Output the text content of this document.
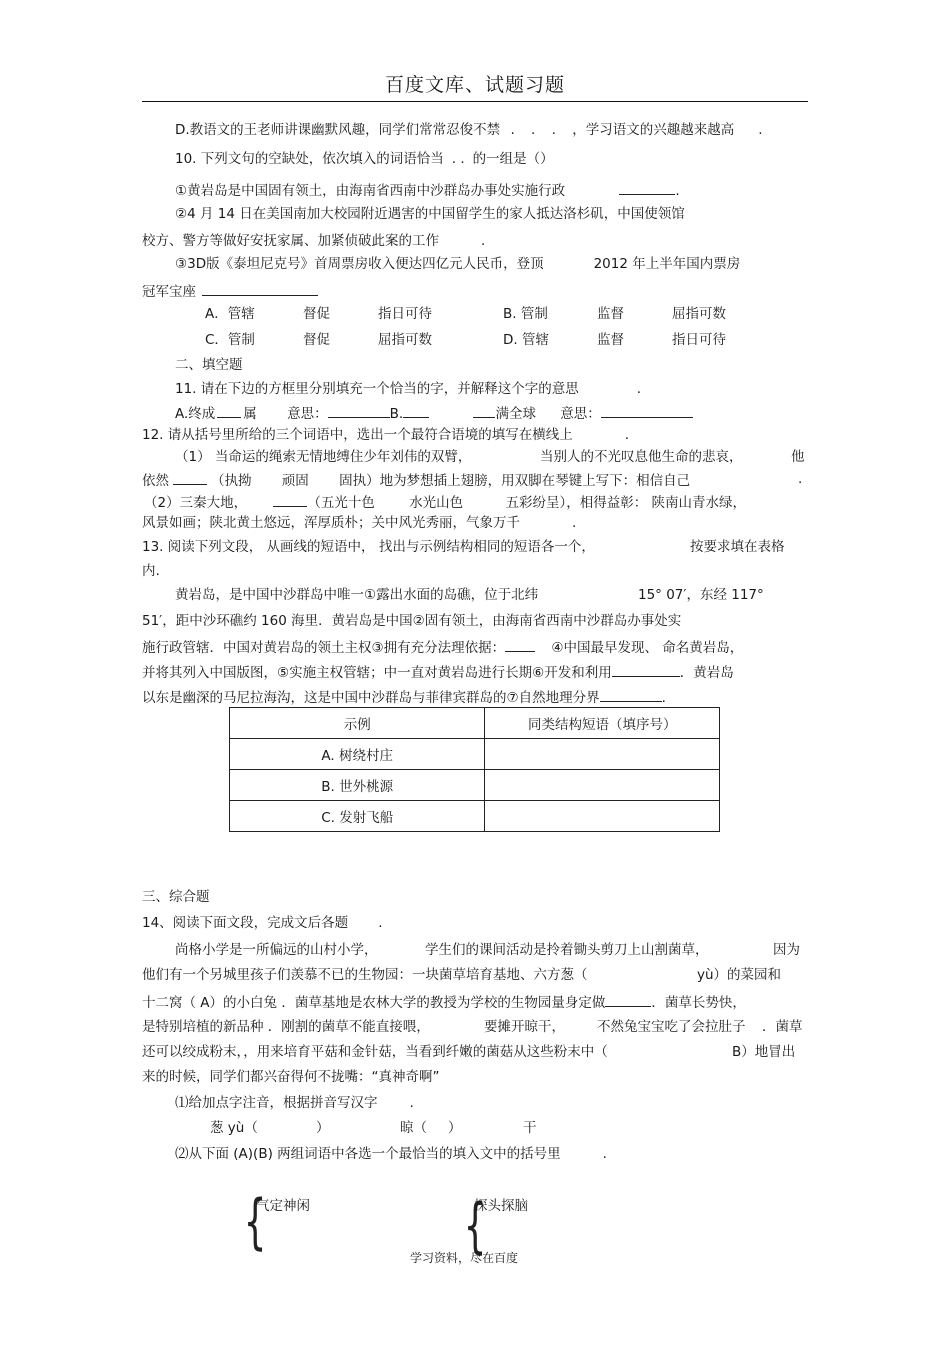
百度文库、试题习题
D.教语文的王老师讲课幽默风趣，同学们常常忍俊不禁 . . . ，学习语文的兴趣越来越高 .
10. 下列文句的空缺处，依次填入的词语恰当 . . 的一组是（）
①黄岩岛是中国固有领土，由海南省西南中沙群岛办事处实施行政	.
②4 月 14 日在美国南加大校园附近遇害的中国留学生的家人抵达洛杉矶，中国使领馆
校方、警方等做好安抚家属、加紧侦破此案的工作	.
③3D版《泰坦尼克号》首周票房收入便达四亿元人民币，登顶	2012 年上半年国内票房
冠军宝座
A．管辖	督促	指日可待	B. 管制	监督	屈指可数
C．管制	督促	屈指可数	D. 管辖	监督	指日可待
二、填空题
11. 请在下边的方框里分别填充一个恰当的字，并解释这个字的意思	.
A.终成 属 意思：	B.	满全球 意思：
12. 请从括号里所给的三个词语中，选出一个最符合语境的填写在横线上	.
（1） 当命运的绳索无情地缚住少年刘伟的双臂，	当别人的不光叹息他生命的悲哀，	他
依然	（执拗 顽固 固执）地为梦想插上翅膀，用双脚在琴键上写下：相信自己	.
（2）三秦大地，	（五光十色	水光山色	五彩纷呈），相得益彰： 陕南山青水绿，
风景如画；陕北黄土悠远，浑厚质朴；关中风光秀丽，气象万千	.
13. 阅读下列文段， 从画线的短语中， 找出与示例结构相同的短语各一个，	按要求填在表格
内.
黄岩岛，是中国中沙群岛中唯一①露出水面的岛礁，位于北纬	15° 07′，东经 117°
51′，距中沙环礁约 160 海里．黄岩岛是中国②固有领土，由海南省西南中沙群岛办事处实
施行政管辖．中国对黄岩岛的领土主权③拥有充分法理依据：	④中国最早发现、 命名黄岩岛，
并将其列入中国版图，⑤实施主权管辖；中一直对黄岩岛进行长期⑥开发和利用	．黄岩岛
以东是幽深的马尼拉海沟，这是中国中沙群岛与菲律宾群岛的⑦自然地理分界	.
示例	同类结构短语（填序号）
A. 树绕村庄	
B. 世外桃源	
C. 发射飞船	
三、综合题
14、阅读下面文段，完成文后各题 .
尚格小学是一所偏远的山村小学，	学生们的课间活动是拎着锄头剪刀上山割菌草，	因为
他们有一个另城里孩子们羡慕不已的生物园：一块菌草培育基地、六方葱（	yù）的菜园和
十二窝（ A）的小白兔 ．菌草基地是农林大学的教授为学校的生物园量身定做	．菌草长势快，
是特别培植的新品种 ．刚割的菌草不能直接喂，	要摊开晾干， 不然兔宝宝吃了会拉肚子 ．菌草
还可以绞成粉末，，用来培育平菇和金针菇，当看到纤嫩的菌菇从这些粉末中（	B）地冒出
来的时候，同学们都兴奋得何不拢嘴：“真神奇啊”
⑴给加点字注音，根据拼音写汉字 .
葱 yù（	）	晾（ ）	干
⑵从下面 (A)(B) 两组词语中各选一个最恰当的填入文中的括号里	.
{
气定神闲	{
探头探脑
学习资料，尽在百度
